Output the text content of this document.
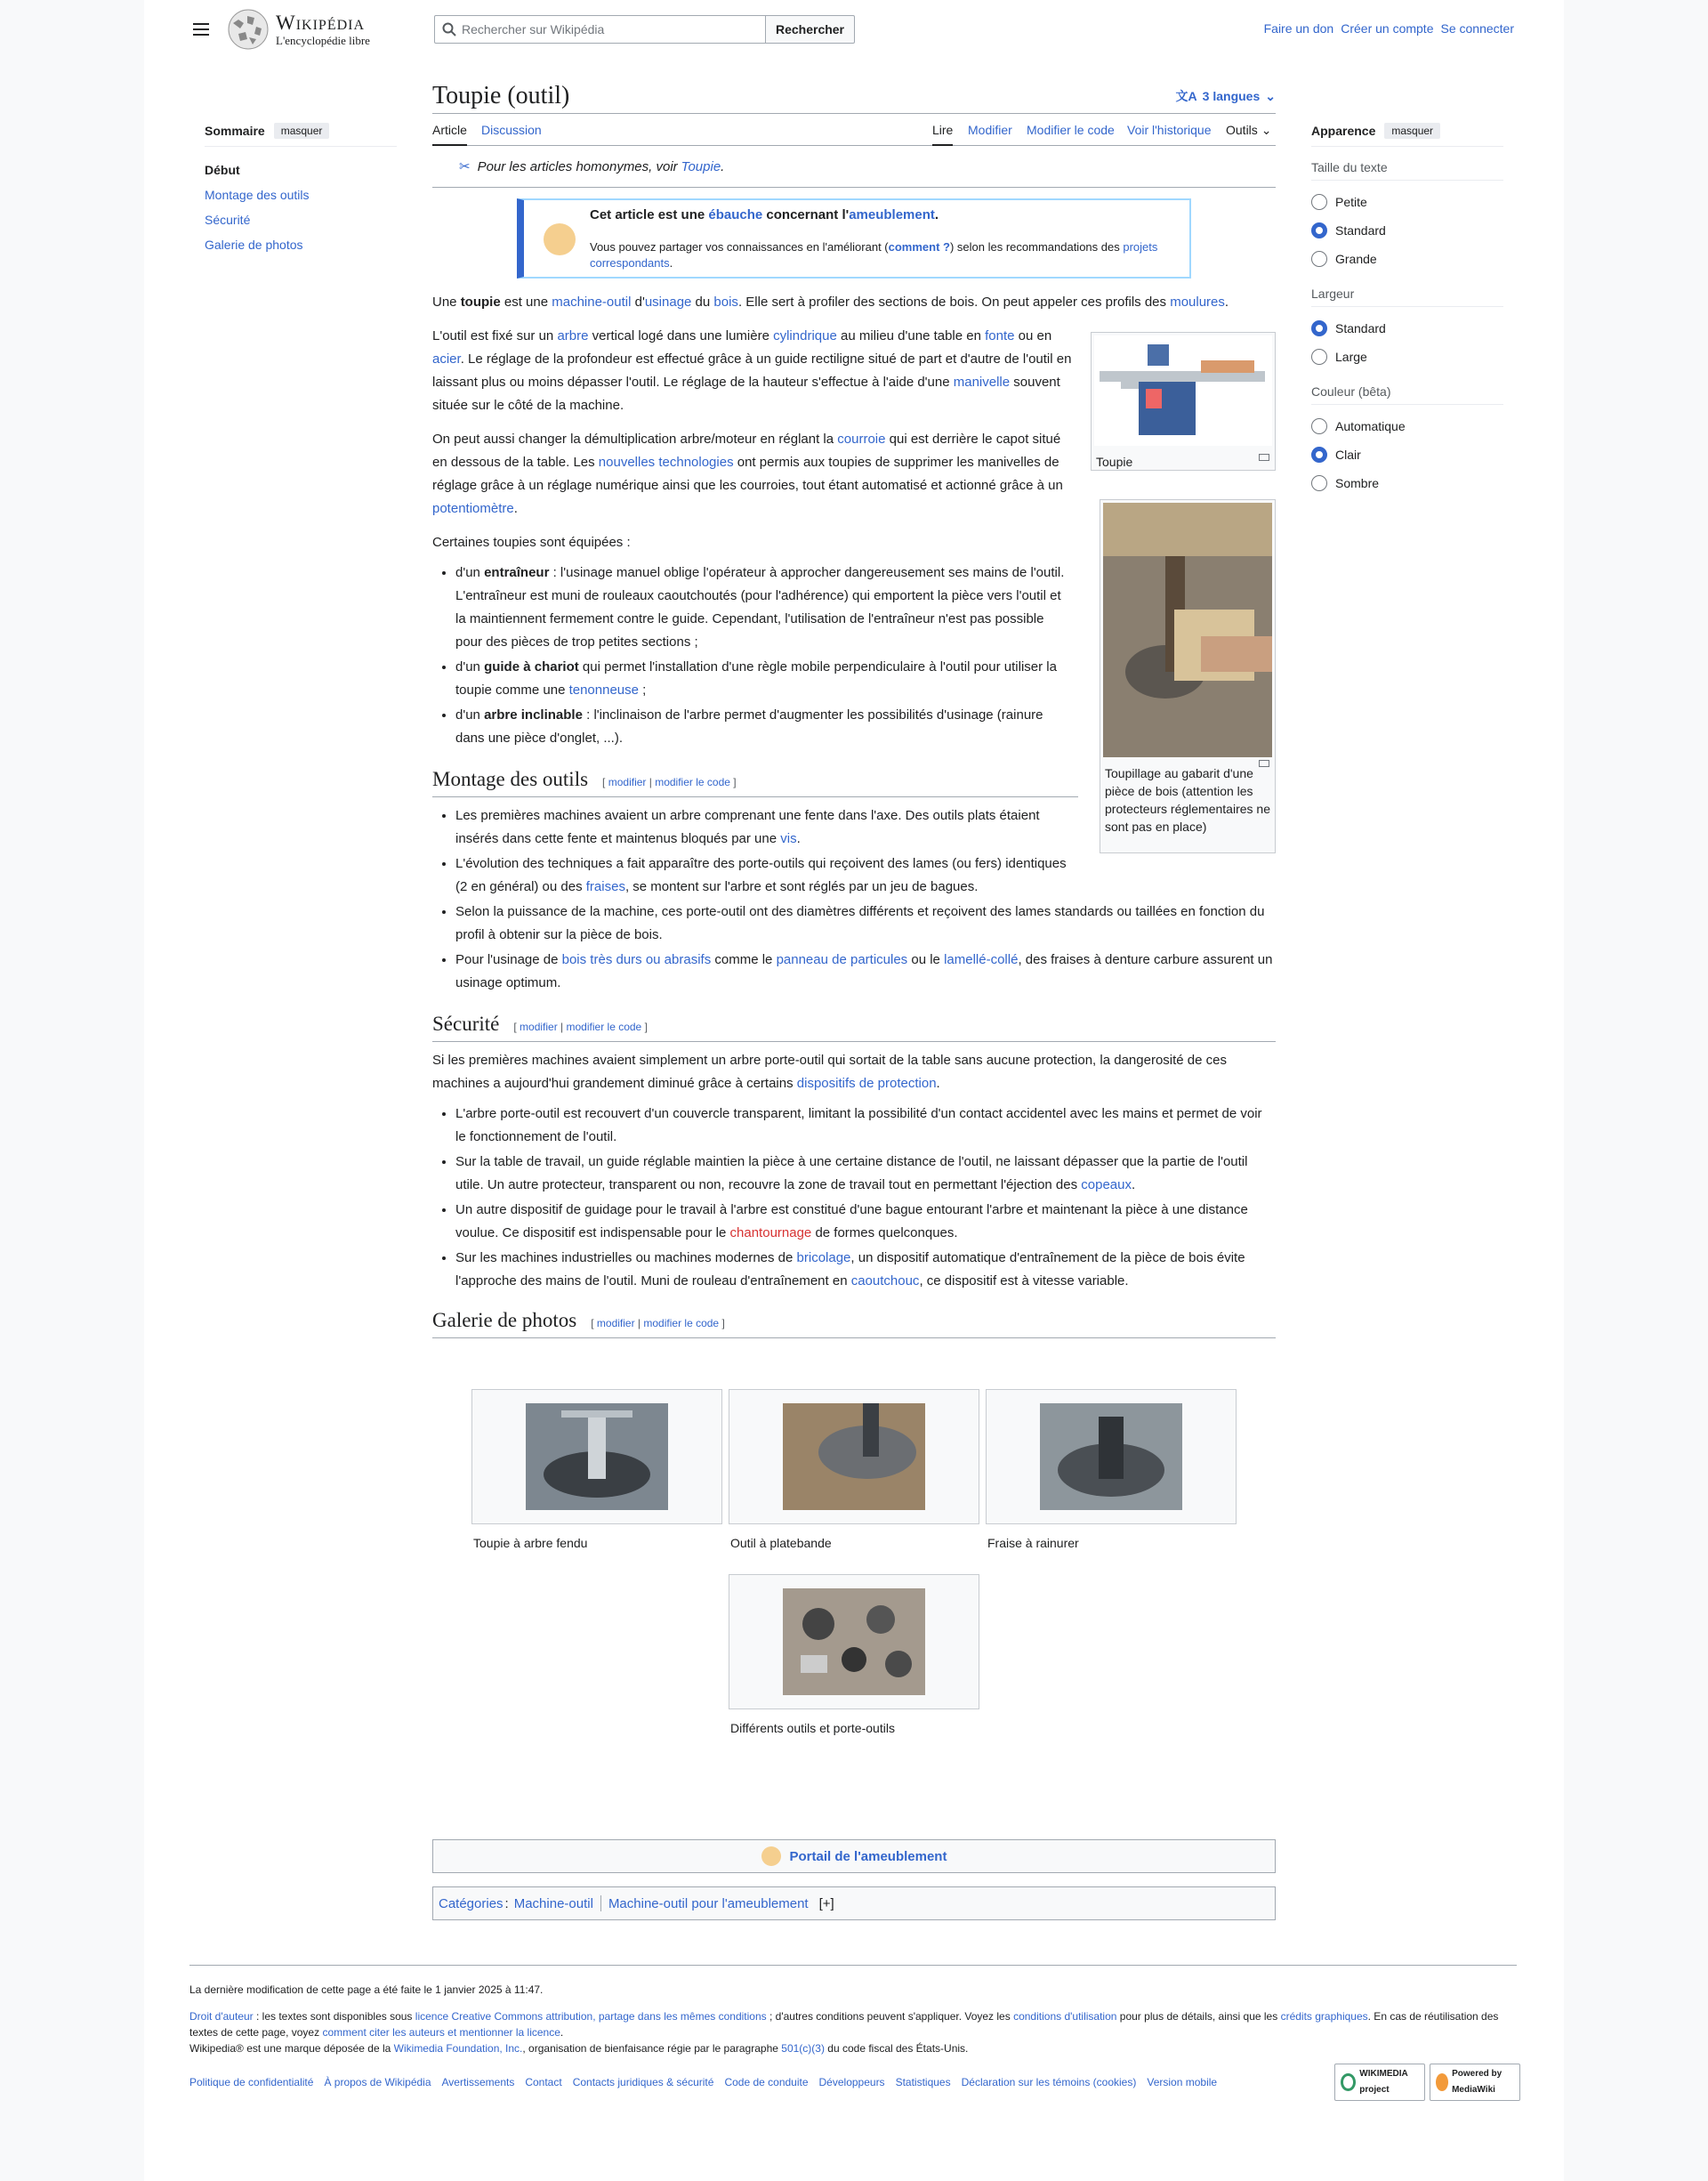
Wikipédia
L'encyclopédie libre
Rechercher sur Wikipédia
Rechercher	Faire un don Créer un compte Se connecter
Sommaire	masquer
Début
Montage des outils
Sécurité
Galerie de photos
Apparence	masquer
Taille du texte
Petite
Standard
Grande
Largeur
Standard
Large
Couleur (bêta)
Automatique
Clair
Sombre
Toupie (outil)	文A 3 langues ⌄
Article Discussion	Lire Modifier Modifier le code Voir l'historique Outils ⌄
✂ Pour les articles homonymes, voir Toupie .
Cet article est une ébauche concernant l'ameublement.
Vous pouvez partager vos connaissances en l'améliorant (comment ?) selon les recommandations des projets correspondants.

Une toupie est une machine-outil d'usinage du bois. Elle sert à profiler des sections de bois. On peut appeler ces profils des moulures.

Toupie

L'outil est fixé sur un arbre vertical logé dans une lumière cylindrique au milieu d'une table en fonte ou en acier. Le réglage de la profondeur est effectué grâce à un guide rectiligne situé de part et d'autre de l'outil en laissant plus ou moins dépasser l'outil. Le réglage de la hauteur s'effectue à l'aide d'une manivelle souvent située sur le côté de la machine.

On peut aussi changer la démultiplication arbre/moteur en réglant la courroie qui est derrière le capot situé en dessous de la table. Les nouvelles technologies ont permis aux toupies de supprimer les manivelles de réglage grâce à un réglage numérique ainsi que les courroies, tout étant automatisé et actionné grâce à un potentiomètre.

Toupillage au gabarit d'une pièce de bois (attention les protecteurs réglementaires ne sont pas en place)

Certaines toupies sont équipées :

• d'un entraîneur : l'usinage manuel oblige l'opérateur à approcher dangereusement ses mains de l'outil. L'entraîneur est muni de rouleaux caoutchoutés (pour l'adhérence) qui emportent la pièce vers l'outil et la maintiennent fermement contre le guide. Cependant, l'utilisation de l'entraîneur n'est pas possible pour des pièces de trop petites sections ;
• d'un guide à chariot qui permet l'installation d'une règle mobile perpendiculaire à l'outil pour utiliser la toupie comme une tenonneuse ;
• d'un arbre inclinable : l'inclinaison de l'arbre permet d'augmenter les possibilités d'usinage (rainure dans une pièce d'onglet, ...).
Montage des outils [ modifier | modifier le code ]
• Les premières machines avaient un arbre comprenant une fente dans l'axe. Des outils plats étaient insérés dans cette fente et maintenus bloqués par une vis.
• L'évolution des techniques a fait apparaître des porte-outils qui reçoivent des lames (ou fers) identiques (2 en général) ou des fraises, se montent sur l'arbre et sont réglés par un jeu de bagues.
• Selon la puissance de la machine, ces porte-outil ont des diamètres différents et reçoivent des lames standards ou taillées en fonction du profil à obtenir sur la pièce de bois.
• Pour l'usinage de bois très durs ou abrasifs comme le panneau de particules ou le lamellé-collé, des fraises à denture carbure assurent un usinage optimum.
Sécurité [ modifier | modifier le code ]

Si les premières machines avaient simplement un arbre porte-outil qui sortait de la table sans aucune protection, la dangerosité de ces machines a aujourd'hui grandement diminué grâce à certains dispositifs de protection.

• L'arbre porte-outil est recouvert d'un couvercle transparent, limitant la possibilité d'un contact accidentel avec les mains et permet de voir le fonctionnement de l'outil.
• Sur la table de travail, un guide réglable maintien la pièce à une certaine distance de l'outil, ne laissant dépasser que la partie de l'outil utile. Un autre protecteur, transparent ou non, recouvre la zone de travail tout en permettant l'éjection des copeaux.
• Un autre dispositif de guidage pour le travail à l'arbre est constitué d'une bague entourant l'arbre et maintenant la pièce à une distance voulue. Ce dispositif est indispensable pour le chantournage de formes quelconques.
• Sur les machines industrielles ou machines modernes de bricolage, un dispositif automatique d'entraînement de la pièce de bois évite l'approche des mains de l'outil. Muni de rouleau d'entraînement en caoutchouc, ce dispositif est à vitesse variable.
Galerie de photos [ modifier | modifier le code ]
Toupie à arbre fendu	Outil à platebande	Fraise à rainurer
Différents outils et porte-outils
Portail de l'ameublement
Catégories : Machine-outil Machine-outil pour l'ameublement [+]
La dernière modification de cette page a été faite le 1 janvier 2025 à 11:47.
Droit d'auteur : les textes sont disponibles sous licence Creative Commons attribution, partage dans les mêmes conditions ; d'autres conditions peuvent s'appliquer. Voyez les conditions d'utilisation pour plus de détails, ainsi que les crédits graphiques. En cas de réutilisation des textes de cette page, voyez comment citer les auteurs et mentionner la licence.
Wikipedia® est une marque déposée de la Wikimedia Foundation, Inc., organisation de bienfaisance régie par le paragraphe 501(c)(3) du code fiscal des États-Unis.
Politique de confidentialité À propos de Wikipédia Avertissements Contact Contacts juridiques & sécurité Code de conduite Développeurs Statistiques Déclaration sur les témoins (cookies) Version mobile
WIKIMEDIA project
Powered by MediaWiki
